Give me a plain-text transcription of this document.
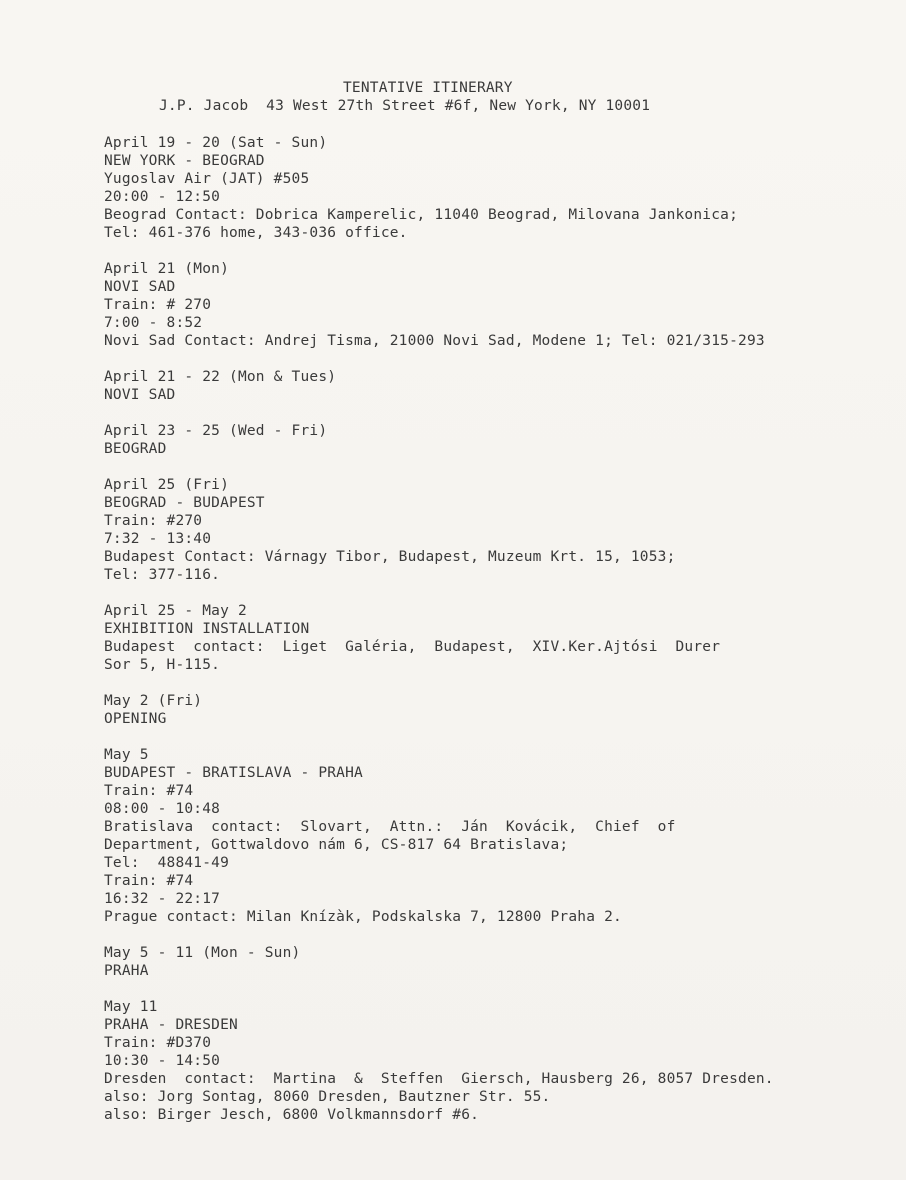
TENTATIVE ITINERARY
J.P. Jacob  43 West 27th Street #6f, New York, NY 10001
April 19 - 20 (Sat - Sun)
NEW YORK - BEOGRAD
Yugoslav Air (JAT) #505
20:00 - 12:50
Beograd Contact: Dobrica Kamperelic, 11040 Beograd, Milovana Jankonica;
Tel: 461-376 home, 343-036 office.
April 21 (Mon)
NOVI SAD
Train: # 270
7:00 - 8:52
Novi Sad Contact: Andrej Tisma, 21000 Novi Sad, Modene 1; Tel: 021/315-293
April 21 - 22 (Mon & Tues)
NOVI SAD
April 23 - 25 (Wed - Fri)
BEOGRAD
April 25 (Fri)
BEOGRAD - BUDAPEST
Train: #270
7:32 - 13:40
Budapest Contact: Várnagy Tibor, Budapest, Muzeum Krt. 15, 1053;
Tel: 377-116.
April 25 - May 2
EXHIBITION INSTALLATION
Budapest  contact:  Liget  Galéria,  Budapest,  XIV.Ker.Ajtósi  Durer
Sor 5, H-115.
May 2 (Fri)
OPENING
May 5
BUDAPEST - BRATISLAVA - PRAHA
Train: #74
08:00 - 10:48
Bratislava  contact:  Slovart,  Attn.:  Ján  Kovácik,  Chief  of
Department, Gottwaldovo nám 6, CS-817 64 Bratislava;
Tel:  48841-49
Train: #74
16:32 - 22:17
Prague contact: Milan Knízàk, Podskalska 7, 12800 Praha 2.
May 5 - 11 (Mon - Sun)
PRAHA
May 11
PRAHA - DRESDEN
Train: #D370
10:30 - 14:50
Dresden  contact:  Martina  &  Steffen  Giersch, Hausberg 26, 8057 Dresden.
also: Jorg Sontag, 8060 Dresden, Bautzner Str. 55.
also: Birger Jesch, 6800 Volkmannsdorf #6.
